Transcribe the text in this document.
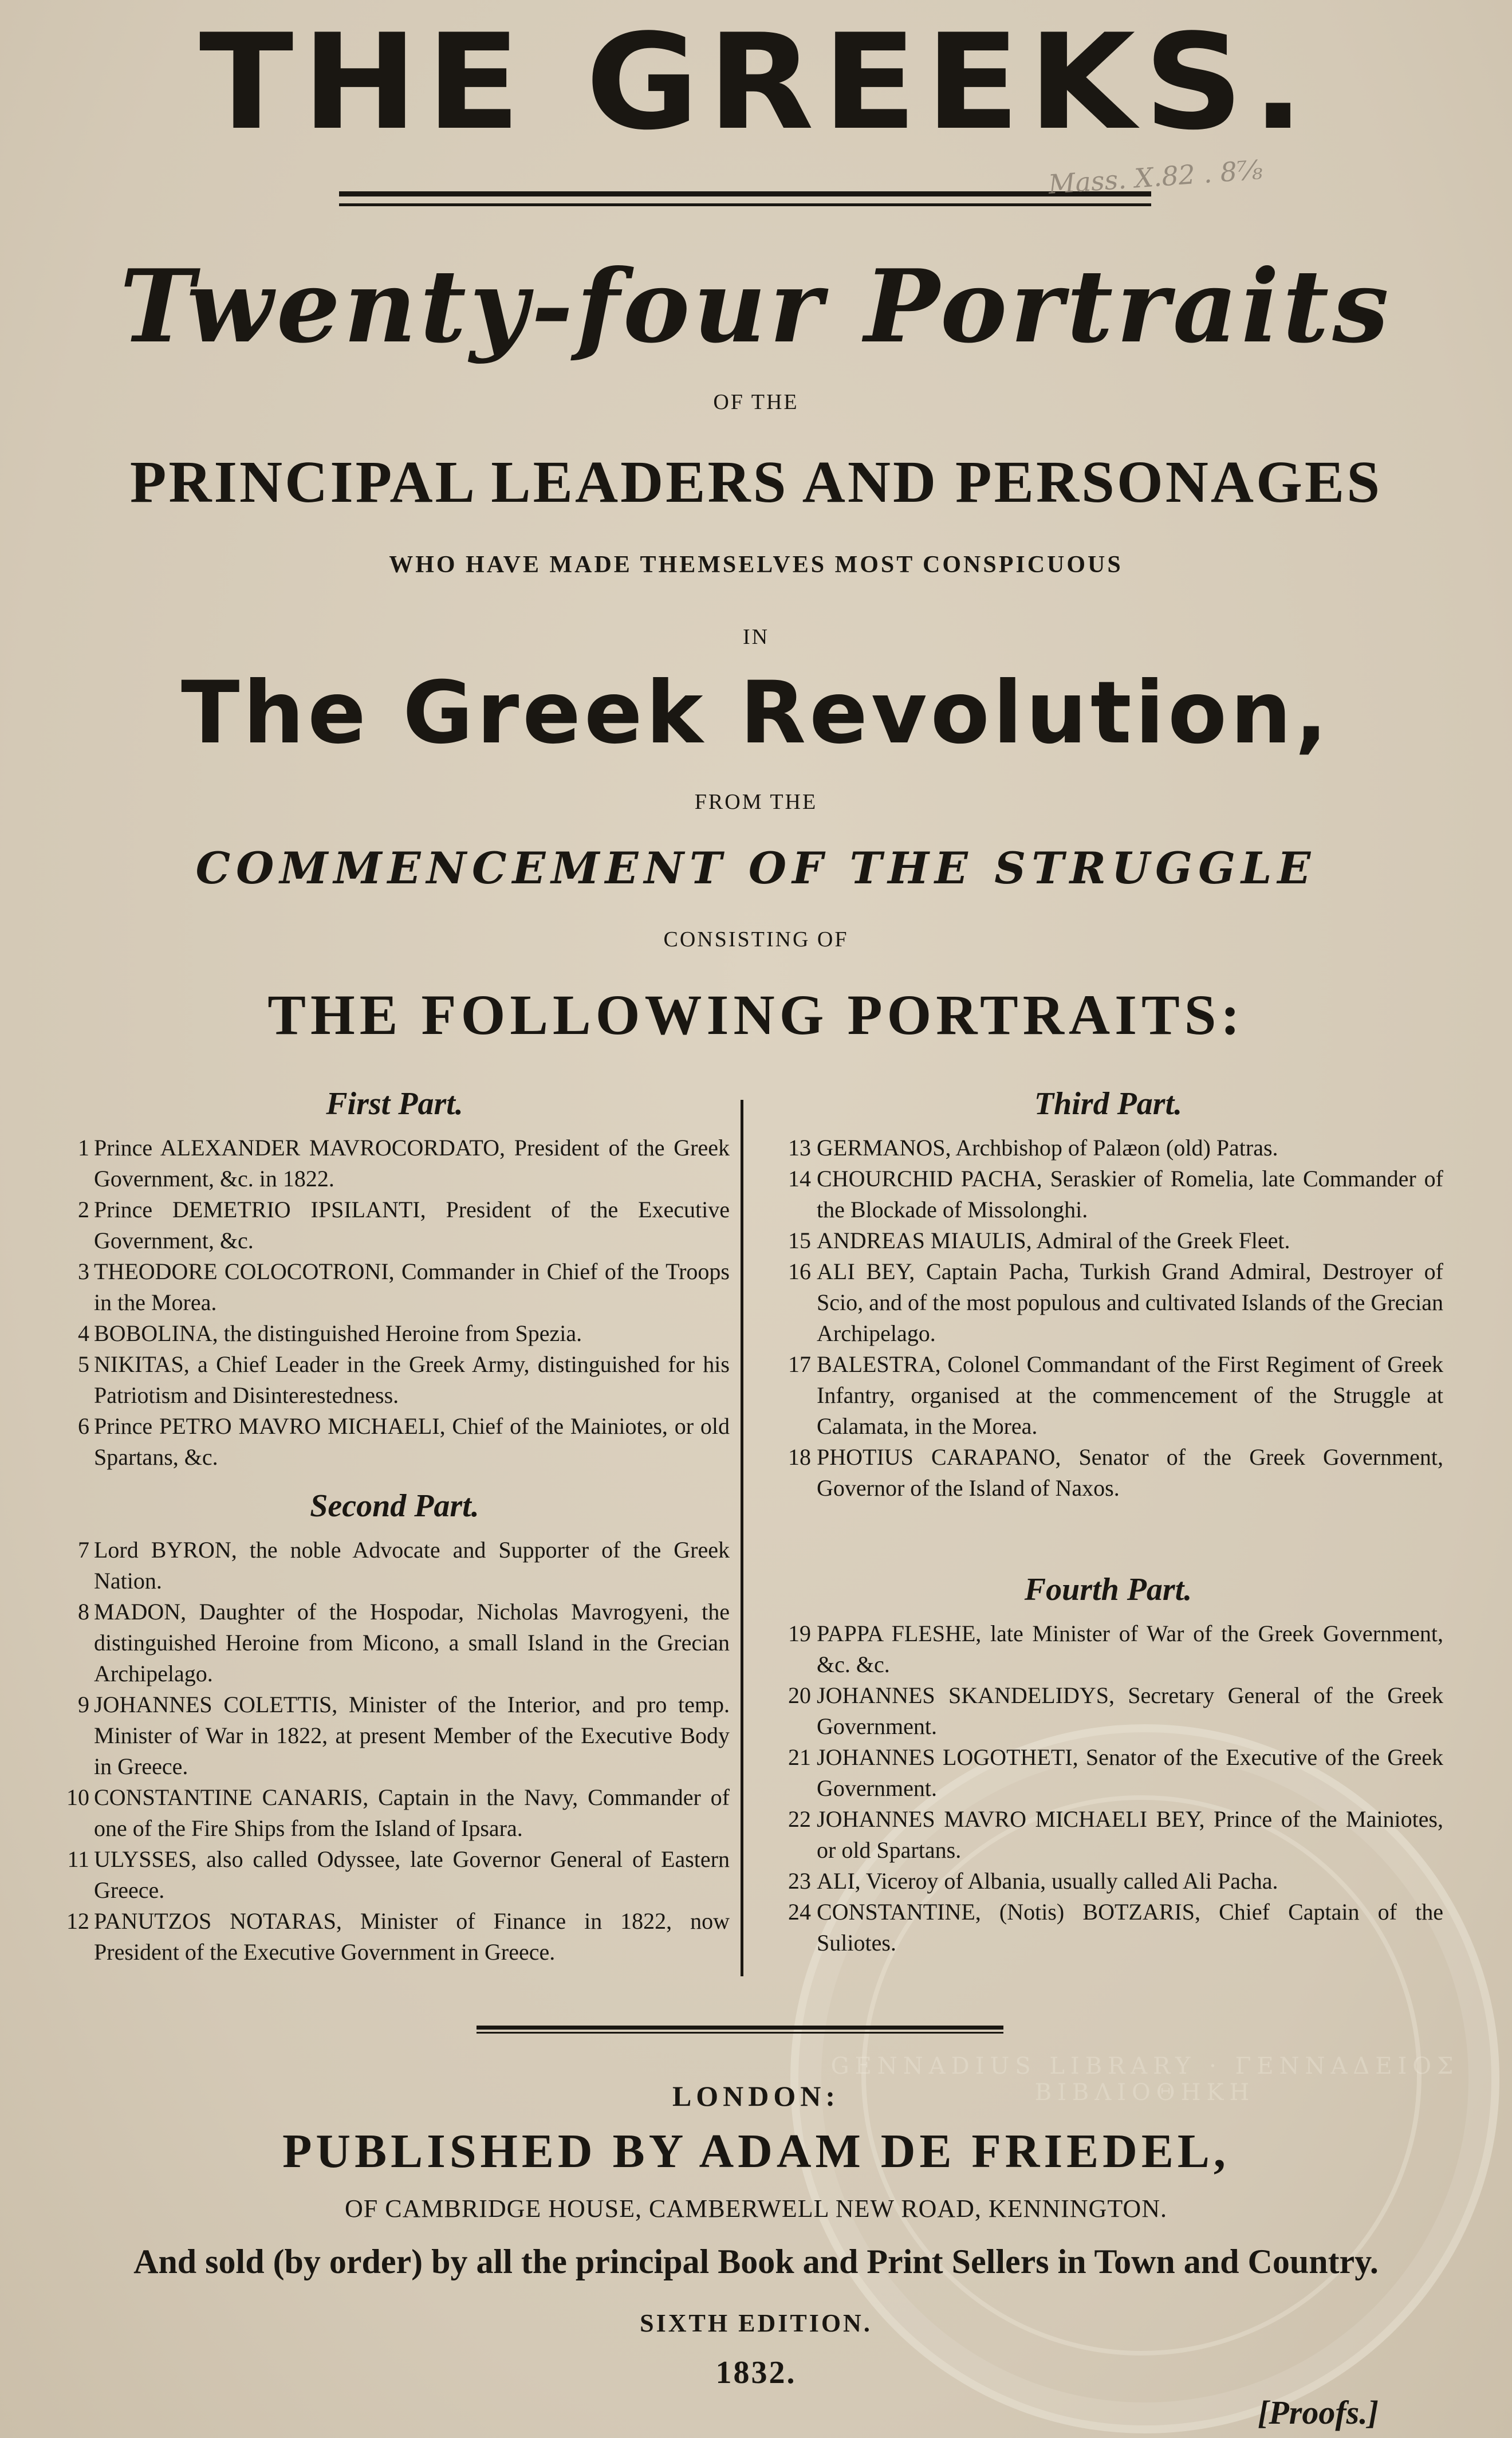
GENNADIUS LIBRARY · ΓΕΝΝΑΔΕΙΟΣ ΒΙΒΛΙΟΘΗΚΗ
THE GREEKS.
Mass. X.82 . 8⅞
Twenty-four Portraits
OF THE
PRINCIPAL LEADERS AND PERSONAGES
WHO HAVE MADE THEMSELVES MOST CONSPICUOUS
IN
The Greek Revolution,
FROM THE
COMMENCEMENT OF THE STRUGGLE
CONSISTING OF
THE FOLLOWING PORTRAITS:
First Part.

1 Prince ALEXANDER MAVROCORDATO, President of the Greek Government, &c. in 1822.

2 Prince DEMETRIO IPSILANTI, President of the Executive Government, &c.

3 THEODORE COLOCOTRONI, Commander in Chief of the Troops in the Morea.

4 BOBOLINA, the distinguished Heroine from Spezia.

5 NIKITAS, a Chief Leader in the Greek Army, distinguished for his Patriotism and Disinterestedness.

6 Prince PETRO MAVRO MICHAELI, Chief of the Mainiotes, or old Spartans, &c.

Second Part.

7 Lord BYRON, the noble Advocate and Supporter of the Greek Nation.

8 MADON, Daughter of the Hospodar, Nicholas Mavrogyeni, the distinguished Heroine from Micono, a small Island in the Grecian Archipelago.

9 JOHANNES COLETTIS, Minister of the Interior, and pro temp. Minister of War in 1822, at present Member of the Executive Body in Greece.

10 CONSTANTINE CANARIS, Captain in the Navy, Commander of one of the Fire Ships from the Island of Ipsara.

11 ULYSSES, also called Odyssee, late Governor General of Eastern Greece.

12 PANUTZOS NOTARAS, Minister of Finance in 1822, now President of the Executive Government in Greece.

Third Part.

13 GERMANOS, Archbishop of Palæon (old) Patras.

14 CHOURCHID PACHA, Seraskier of Romelia, late Commander of the Blockade of Missolonghi.

15 ANDREAS MIAULIS, Admiral of the Greek Fleet.

16 ALI BEY, Captain Pacha, Turkish Grand Admiral, Destroyer of Scio, and of the most populous and cultivated Islands of the Grecian Archipelago.

17 BALESTRA, Colonel Commandant of the First Regiment of Greek Infantry, organised at the commencement of the Struggle at Calamata, in the Morea.

18 PHOTIUS CARAPANO, Senator of the Greek Government, Governor of the Island of Naxos.

Fourth Part.

19 PAPPA FLESHE, late Minister of War of the Greek Government, &c. &c.

20 JOHANNES SKANDELIDYS, Secretary General of the Greek Government.

21 JOHANNES LOGOTHETI, Senator of the Executive of the Greek Government.

22 JOHANNES MAVRO MICHAELI BEY, Prince of the Mainiotes, or old Spartans.

23 ALI, Viceroy of Albania, usually called Ali Pacha.

24 CONSTANTINE, (Notis) BOTZARIS, Chief Captain of the Suliotes.

LONDON:
PUBLISHED BY ADAM DE FRIEDEL,
OF CAMBRIDGE HOUSE, CAMBERWELL NEW ROAD, KENNINGTON.
And sold (by order) by all the principal Book and Print Sellers in Town and Country.
SIXTH EDITION.
1832.
[Proofs.]
